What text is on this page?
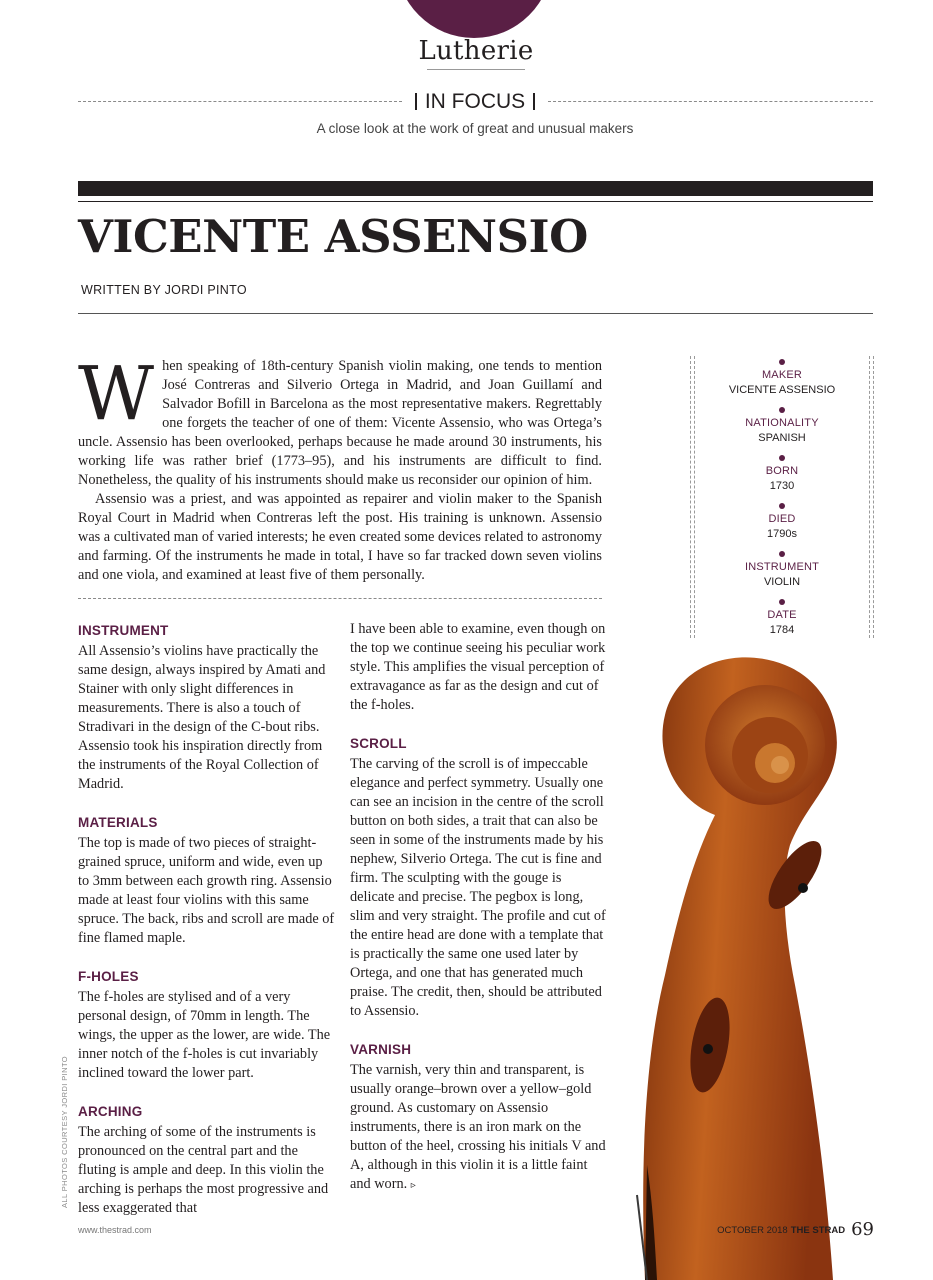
Lutherie
IN FOCUS
A close look at the work of great and unusual makers
VICENTE ASSENSIO
WRITTEN BY JORDI PINTO

When speaking of 18th-century Spanish violin making, one tends to mention José Contreras and Silverio Ortega in Madrid, and Joan Guillamí and Salvador Bofill in Barcelona as the most representative makers. Regrettably one forgets the teacher of one of them: Vicente Assensio, who was Ortega’s uncle. Assensio has been overlooked, perhaps because he made around 30 instruments, his working life was rather brief (1773–95), and his instruments are difficult to find. Nonetheless, the quality of his instruments should make us reconsider our opinion of him.

Assensio was a priest, and was appointed as repairer and violin maker to the Spanish Royal Court in Madrid when Contreras left the post. His training is unknown. Assensio was a cultivated man of varied interests; he even created some devices related to astronomy and farming. Of the instruments he made in total, I have so far tracked down seven violins and one viola, and examined at least five of them personally.

MAKER
VICENTE ASSENSIO
NATIONALITY
SPANISH
BORN
1730
DIED
1790s
INSTRUMENT
VIOLIN
DATE
1784
INSTRUMENT

All Assensio’s violins have practically the same design, always inspired by Amati and Stainer with only slight differences in measurements. There is also a touch of Stradivari in the design of the C-bout ribs. Assensio took his inspiration directly from the instruments of the Royal Collection of Madrid.

MATERIALS

The top is made of two pieces of straight-grained spruce, uniform and wide, even up to 3mm between each growth ring. Assensio made at least four violins with this same spruce. The back, ribs and scroll are made of fine flamed maple.

F-HOLES

The f-holes are stylised and of a very personal design, of 70mm in length. The wings, the upper as the lower, are wide. The inner notch of the f-holes is cut invariably inclined toward the lower part.

ARCHING

The arching of some of the instruments is pronounced on the central part and the fluting is ample and deep. In this violin the arching is perhaps the most progressive and less exaggerated that

I have been able to examine, even though on the top we continue seeing his peculiar work style. This amplifies the visual perception of extravagance as far as the design and cut of the f-holes.

SCROLL

The carving of the scroll is of impeccable elegance and perfect symmetry. Usually one can see an incision in the centre of the scroll button on both sides, a trait that can also be seen in some of the instruments made by his nephew, Silverio Ortega. The cut is fine and firm. The sculpting with the gouge is delicate and precise. The pegbox is long, slim and very straight. The profile and cut of the entire head are done with a template that is practically the same one used later by Ortega, and one that has generated much praise. The credit, then, should be attributed to Assensio.

VARNISH

The varnish, very thin and transparent, is usually orange–brown over a yellow–gold ground. As customary on Assensio instruments, there is an iron mark on the button of the heel, crossing his initials V and A, although in this violin it is a little faint and worn. ▹

ALL PHOTOS COURTESY JORDI PINTO
www.thestrad.com	OCTOBER 2018 THE STRAD 69
